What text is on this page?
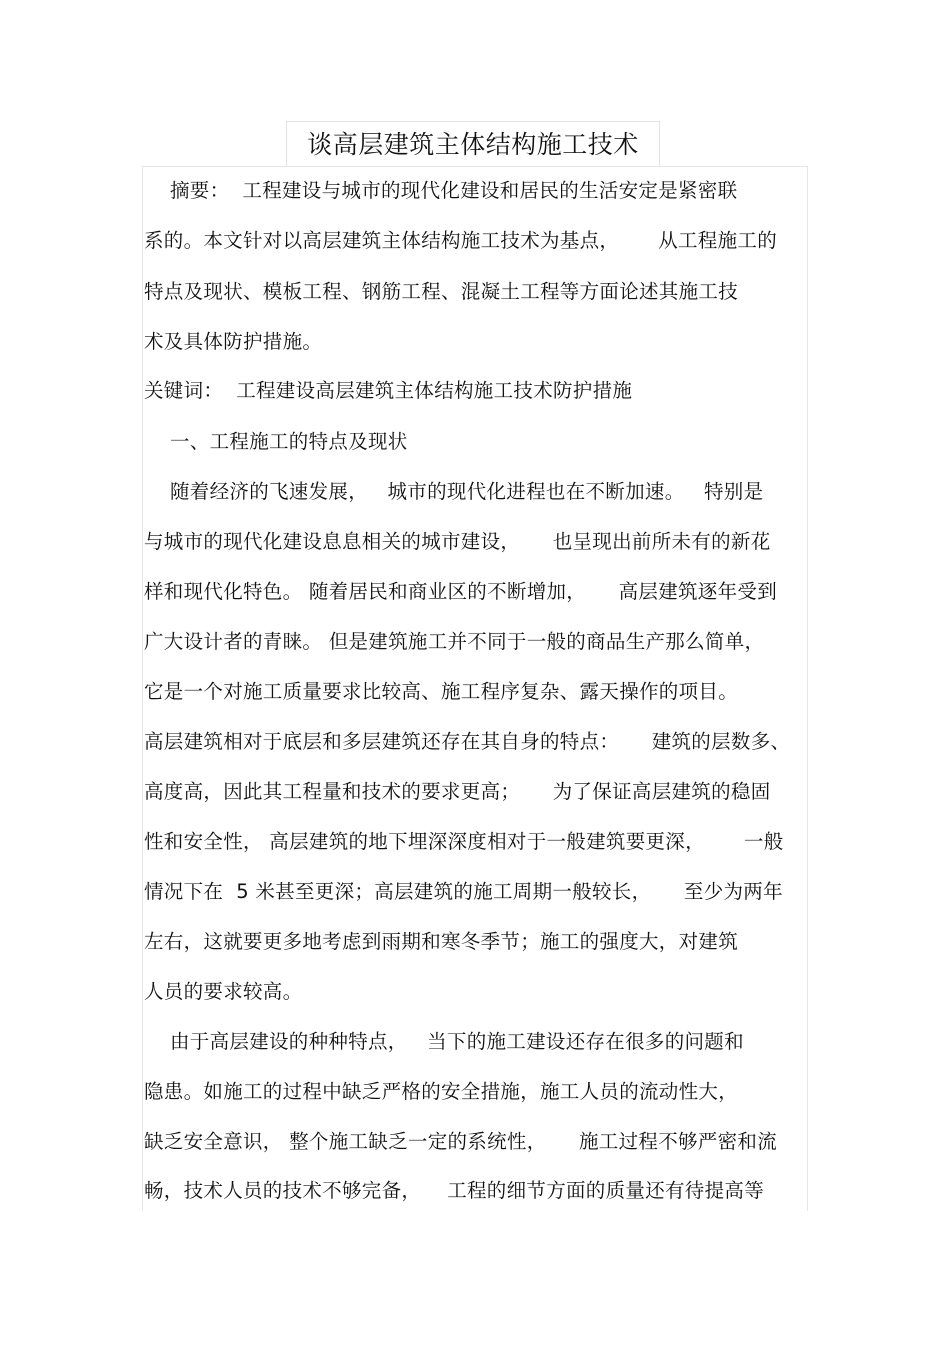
谈高层建筑主体结构施工技术
摘要：  工程建设与城市的现代化建设和居民的生活安定是紧密联
系的。本文针对以高层建筑主体结构施工技术为基点，      从工程施工的
特点及现状、模板工程、钢筋工程、混凝土工程等方面论述其施工技
术及具体防护措施。
关键词：  工程建设高层建筑主体结构施工技术防护措施
一、工程施工的特点及现状
随着经济的飞速发展，   城市的现代化进程也在不断加速。   特别是
与城市的现代化建设息息相关的城市建设，     也呈现出前所未有的新花
样和现代化特色。 随着居民和商业区的不断增加，     高层建筑逐年受到
广大设计者的青睐。 但是建筑施工并不同于一般的商品生产那么简单，
它是一个对施工质量要求比较高、施工程序复杂、露天操作的项目。
高层建筑相对于底层和多层建筑还存在其自身的特点：     建筑的层数多、
高度高，因此其工程量和技术的要求更高；     为了保证高层建筑的稳固
性和安全性， 高层建筑的地下埋深深度相对于一般建筑要更深，      一般
情况下在  5 米甚至更深；高层建筑的施工周期一般较长，     至少为两年
左右，这就要更多地考虑到雨期和寒冬季节；施工的强度大，对建筑
人员的要求较高。
由于高层建设的种种特点，   当下的施工建设还存在很多的问题和
隐患。如施工的过程中缺乏严格的安全措施，施工人员的流动性大，
缺乏安全意识， 整个施工缺乏一定的系统性，     施工过程不够严密和流
畅，技术人员的技术不够完备，    工程的细节方面的质量还有待提高等
